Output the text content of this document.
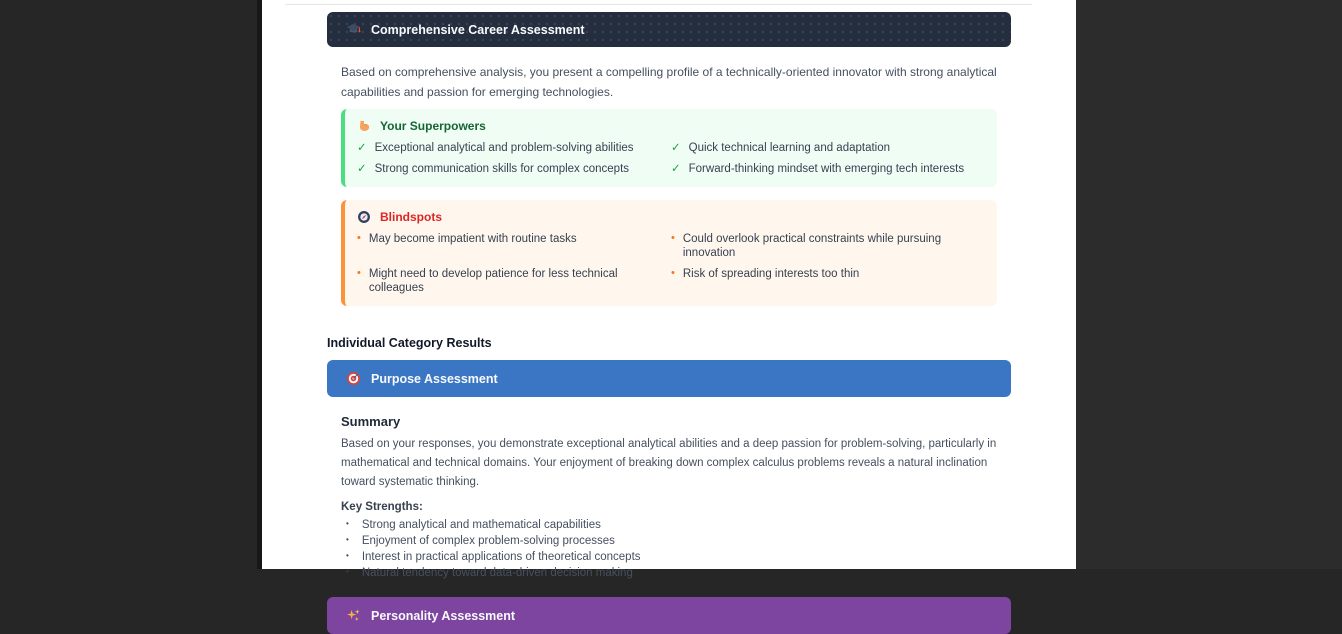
Comprehensive Career Assessment

Based on comprehensive analysis, you present a compelling profile of a technically-oriented innovator with strong analytical capabilities and passion for emerging technologies.

Your Superpowers
✓ Exceptional analytical and problem-solving abilities	✓ Quick technical learning and adaptation
✓ Strong communication skills for complex concepts	✓ Forward-thinking mindset with emerging tech interests
Blindspots
• May become impatient with routine tasks	• Could overlook practical constraints while pursuing innovation
• Might need to develop patience for less technical colleagues
• Risk of spreading interests too thin
Individual Category Results
Purpose Assessment
Summary

Based on your responses, you demonstrate exceptional analytical abilities and a deep passion for problem-solving, particularly in mathematical and technical domains. Your enjoyment of breaking down complex calculus problems reveals a natural inclination toward systematic thinking.

Key Strengths:
• Strong analytical and mathematical capabilities
• Enjoyment of complex problem-solving processes
• Interest in practical applications of theoretical concepts
• Natural tendency toward data-driven decision making
Personality Assessment
